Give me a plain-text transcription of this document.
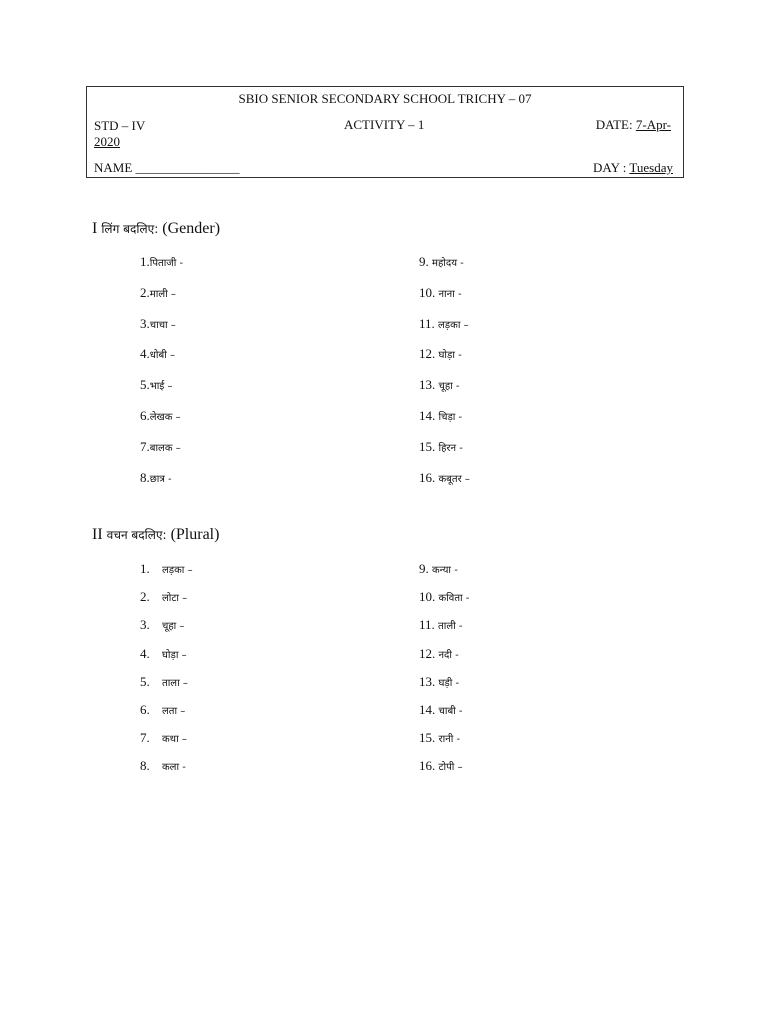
SBIO SENIOR SECONDARY SCHOOL TRICHY – 07
STD – IV	ACTIVITY – 1	DATE: 7-Apr-
2020
NAME ________________	DAY : Tuesday
I लिंग बदलिए: (Gender)
1.पिताजी -
2.माली –
3.चाचा –
4.धोबी –
5.भाई –
6.लेखक –
7.बालक –
8.छात्र -
9. महोदय -
10. नाना -
11. लड़का –
12. घोड़ा -
13. चूहा -
14. चिड़ा -
15. हिरन -
16. कबूतर –
II वचन बदलिए: (Plural)
1. लड़का –
2. लोटा –
3. चूहा –
4. घोड़ा –
5. ताला –
6. लता –
7. कथा –
8. कला -
9. कन्या -
10. कविता -
11. ताली -
12. नदी -
13. घड़ी -
14. चाबी -
15. रानी -
16. टोपी –
